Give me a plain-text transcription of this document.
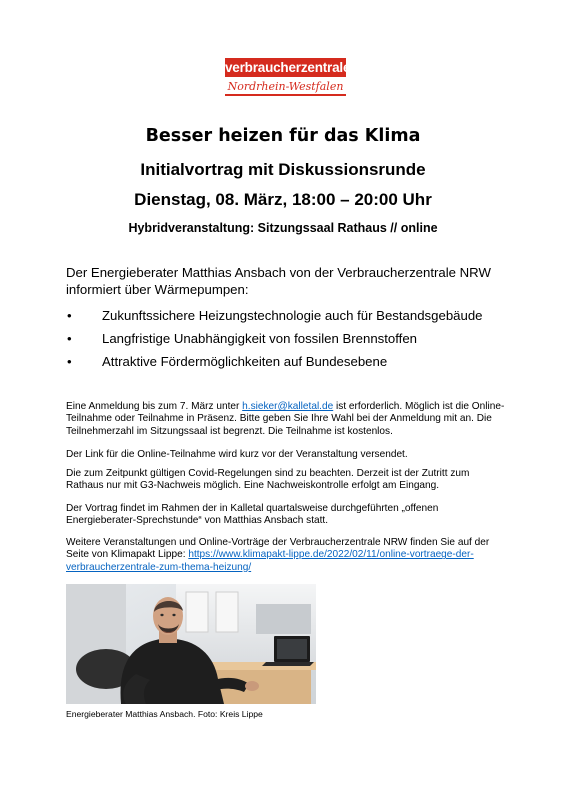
verbraucherzentrale
Nordrhein-Westfalen
Besser heizen für das Klima
Initialvortrag mit Diskussionsrunde
Dienstag, 08. März, 18:00 – 20:00 Uhr
Hybridveranstaltung: Sitzungssaal Rathaus // online
Der Energieberater Matthias Ansbach von der Verbraucherzentrale NRW informiert über Wärmepumpen:
• Zukunftssichere Heizungstechnologie auch für Bestandsgebäude
• Langfristige Unabhängigkeit von fossilen Brennstoffen
• Attraktive Fördermöglichkeiten auf Bundesebene

Eine Anmeldung bis zum 7. März unter h.sieker@kalletal.de ist erforderlich. Möglich ist die Online-Teilnahme oder Teilnahme in Präsenz. Bitte geben Sie Ihre Wahl bei der Anmeldung mit an. Die Teilnehmerzahl im Sitzungssaal ist begrenzt. Die Teilnahme ist kostenlos.

Der Link für die Online-Teilnahme wird kurz vor der Veranstaltung versendet.

Die zum Zeitpunkt gültigen Covid-Regelungen sind zu beachten. Derzeit ist der Zutritt zum Rathaus nur mit G3-Nachweis möglich. Eine Nachweiskontrolle erfolgt am Eingang.

Der Vortrag findet im Rahmen der in Kalletal quartalsweise durchgeführten „offenen Energieberater-Sprechstunde“ von Matthias Ansbach statt.

Weitere Veranstaltungen und Online-Vorträge der Verbraucherzentrale NRW finden Sie auf der Seite von Klimapakt Lippe: https://www.klimapakt-lippe.de/2022/02/11/online-vortraege-der-verbraucherzentrale-zum-thema-heizung/

Energieberater Matthias Ansbach. Foto: Kreis Lippe
